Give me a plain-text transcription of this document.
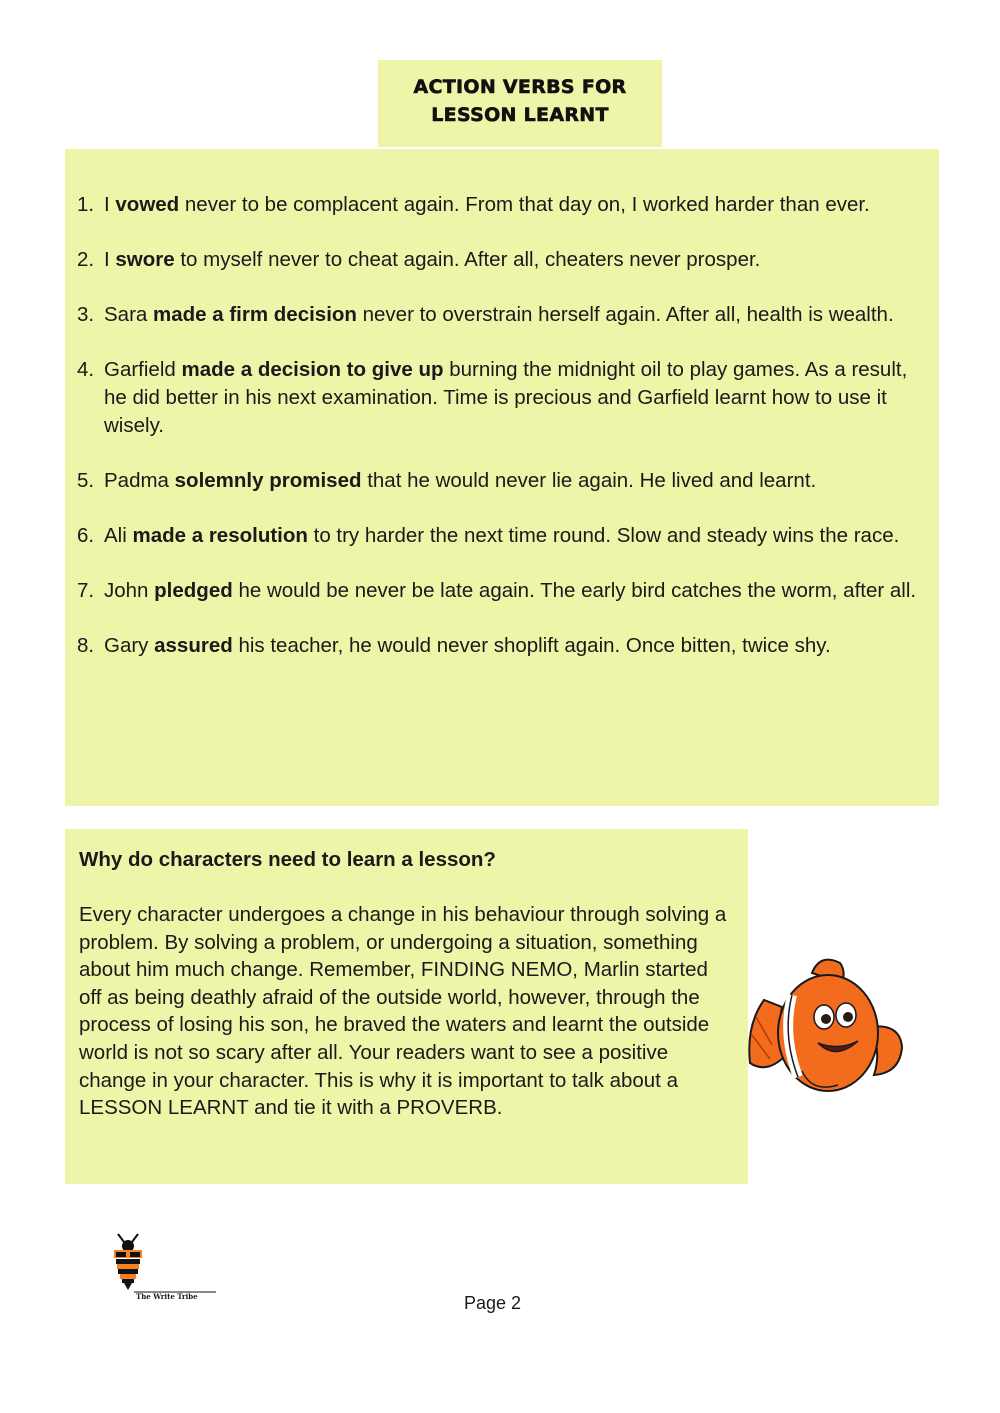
ACTION VERBS FOR
LESSON LEARNT
1. I vowed never to be complacent again. From that day on, I worked harder than ever.
2. I swore to myself never to cheat again. After all, cheaters never prosper.
3. Sara made a firm decision never to overstrain herself again. After all, health is wealth.
4. Garfield made a decision to give up burning the midnight oil to play games. As a result, he did better in his next examination. Time is precious and Garfield learnt how to use it wisely.
5. Padma solemnly promised that he would never lie again. He lived and learnt.
6. Ali made a resolution to try harder the next time round. Slow and steady wins the race.
7. John pledged he would be never be late again. The early bird catches the worm, after all.
8. Gary assured his teacher, he would never shoplift again. Once bitten, twice shy.

Why do characters need to learn a lesson?

Every character undergoes a change in his behaviour through solving a problem. By solving a problem, or undergoing a situation, something about him much change. Remember, FINDING NEMO, Marlin started off as being deathly afraid of the outside world, however, through the process of losing his son, he braved the waters and learnt the outside world is not so scary after all. Your readers want to see a positive change in your character. This is why it is important to talk about a LESSON LEARNT and tie it with a PROVERB.

The Write Tribe	Page 2
